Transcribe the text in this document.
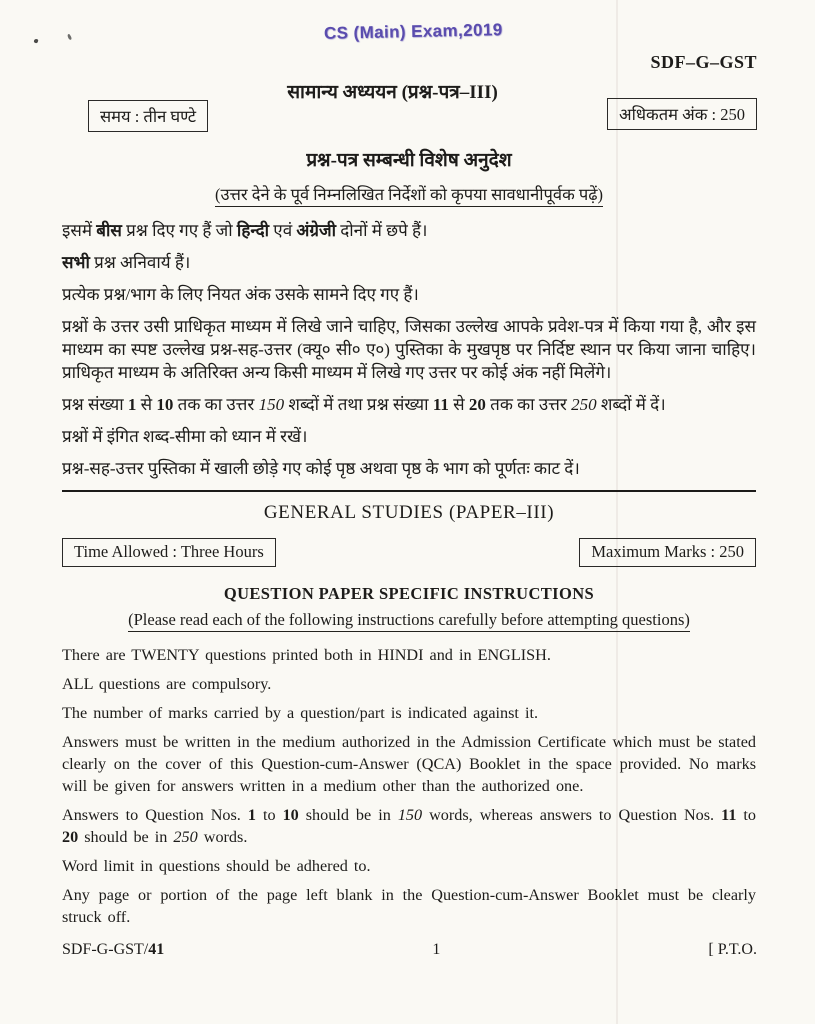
CS (Main) Exam,2019
SDF–G–GST
सामान्य अध्ययन (प्रश्न-पत्र–III)
समय : तीन घण्टे	अधिकतम अंक : 250
प्रश्न-पत्र सम्बन्धी विशेष अनुदेश
(उत्तर देने के पूर्व निम्नलिखित निर्देशों को कृपया सावधानीपूर्वक पढ़ें)

इसमें बीस प्रश्न दिए गए हैं जो हिन्दी एवं अंग्रेजी दोनों में छपे हैं।

सभी प्रश्न अनिवार्य हैं।

प्रत्येक प्रश्न/भाग के लिए नियत अंक उसके सामने दिए गए हैं।

प्रश्नों के उत्तर उसी प्राधिकृत माध्यम में लिखे जाने चाहिए, जिसका उल्लेख आपके प्रवेश-पत्र में किया गया है, और इस माध्यम का स्पष्ट उल्लेख प्रश्न-सह-उत्तर (क्यू० सी० ए०) पुस्तिका के मुखपृष्ठ पर निर्दिष्ट स्थान पर किया जाना चाहिए। प्राधिकृत माध्यम के अतिरिक्त अन्य किसी माध्यम में लिखे गए उत्तर पर कोई अंक नहीं मिलेंगे।

प्रश्न संख्या 1 से 10 तक का उत्तर 150 शब्दों में तथा प्रश्न संख्या 11 से 20 तक का उत्तर 250 शब्दों में दें।

प्रश्नों में इंगित शब्द-सीमा को ध्यान में रखें।

प्रश्न-सह-उत्तर पुस्तिका में खाली छोड़े गए कोई पृष्ठ अथवा पृष्ठ के भाग को पूर्णतः काट दें।

GENERAL STUDIES (PAPER–III)
Time Allowed : Three Hours	Maximum Marks : 250
QUESTION PAPER SPECIFIC INSTRUCTIONS
(Please read each of the following instructions carefully before attempting questions)

There are TWENTY questions printed both in HINDI and in ENGLISH.

ALL questions are compulsory.

The number of marks carried by a question/part is indicated against it.

Answers must be written in the medium authorized in the Admission Certificate which must be stated clearly on the cover of this Question-cum-Answer (QCA) Booklet in the space provided. No marks will be given for answers written in a medium other than the authorized one.

Answers to Question Nos. 1 to 10 should be in 150 words, whereas answers to Question Nos. 11 to 20 should be in 250 words.

Word limit in questions should be adhered to.

Any page or portion of the page left blank in the Question-cum-Answer Booklet must be clearly struck off.

SDF-G-GST/41	1	[ P.T.O.
